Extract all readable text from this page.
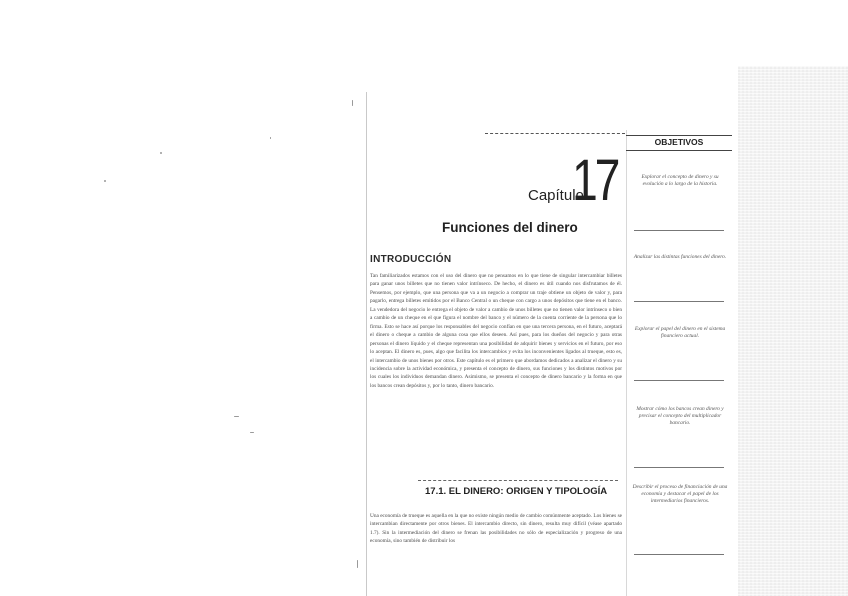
Capítulo
17
Funciones del dinero
INTRODUCCIÓN
Tan familiarizados estamos con el uso del dinero que no pensamos en lo que tiene de singular intercambiar billetes para ganar unos billetes que no tienen valor intrínseco. De hecho, el dinero es útil cuando nos disfrutamos de él. Pensemos, por ejemplo, que una persona que va a un negocio a comprar un traje obtiene un objeto de valor y, para pagarlo, entrega billetes emitidos por el Banco Central o un cheque con cargo a unos depósitos que tiene en el banco. La vendedora del negocio le entrega el objeto de valor a cambio de unos billetes que no tienen valor intrínseco o bien a cambio de un cheque en el que figura el nombre del banco y el número de la cuenta corriente de la persona que lo firma. Esto se hace así porque los responsables del negocio confían en que una tercera persona, en el futuro, aceptará el dinero o cheque a cambio de alguna cosa que ellos deseen. Así pues, para los dueños del negocio y para otras personas el dinero líquido y el cheque representan una posibilidad de adquirir bienes y servicios en el futuro, por eso lo aceptan. El dinero es, pues, algo que facilita los intercambios y evita los inconvenientes ligados al trueque, esto es, el intercambio de unos bienes por otros. Este capítulo es el primero que abordamos dedicados a analizar el dinero y su incidencia sobre la actividad económica, y presenta el concepto de dinero, sus funciones y los distintos motivos por los cuales los individuos demandan dinero. Asimismo, se presenta el concepto de dinero bancario y la forma en que los bancos crean depósitos y, por lo tanto, dinero bancario.
17.1. EL DINERO: ORIGEN Y TIPOLOGÍA
Una economía de trueque es aquella en la que no existe ningún medio de cambio comúnmente aceptado. Los bienes se intercambian directamente por otros bienes. El intercambio directo, sin dinero, resulta muy difícil (véase apartado 1.7). Sin la intermediación del dinero se frenan las posibilidades no sólo de especialización y progreso de una economía, sino también de distribuir los
OBJETIVOS
Explorar el concepto de dinero y su evolución a lo largo de la historia.
Analizar las distintas funciones del dinero.
Explorar el papel del dinero en el sistema financiero actual.
Mostrar cómo los bancos crean dinero y precisar el concepto del multiplicador bancario.
Describir el proceso de financiación de una economía y destacar el papel de los intermediarios financieros.
